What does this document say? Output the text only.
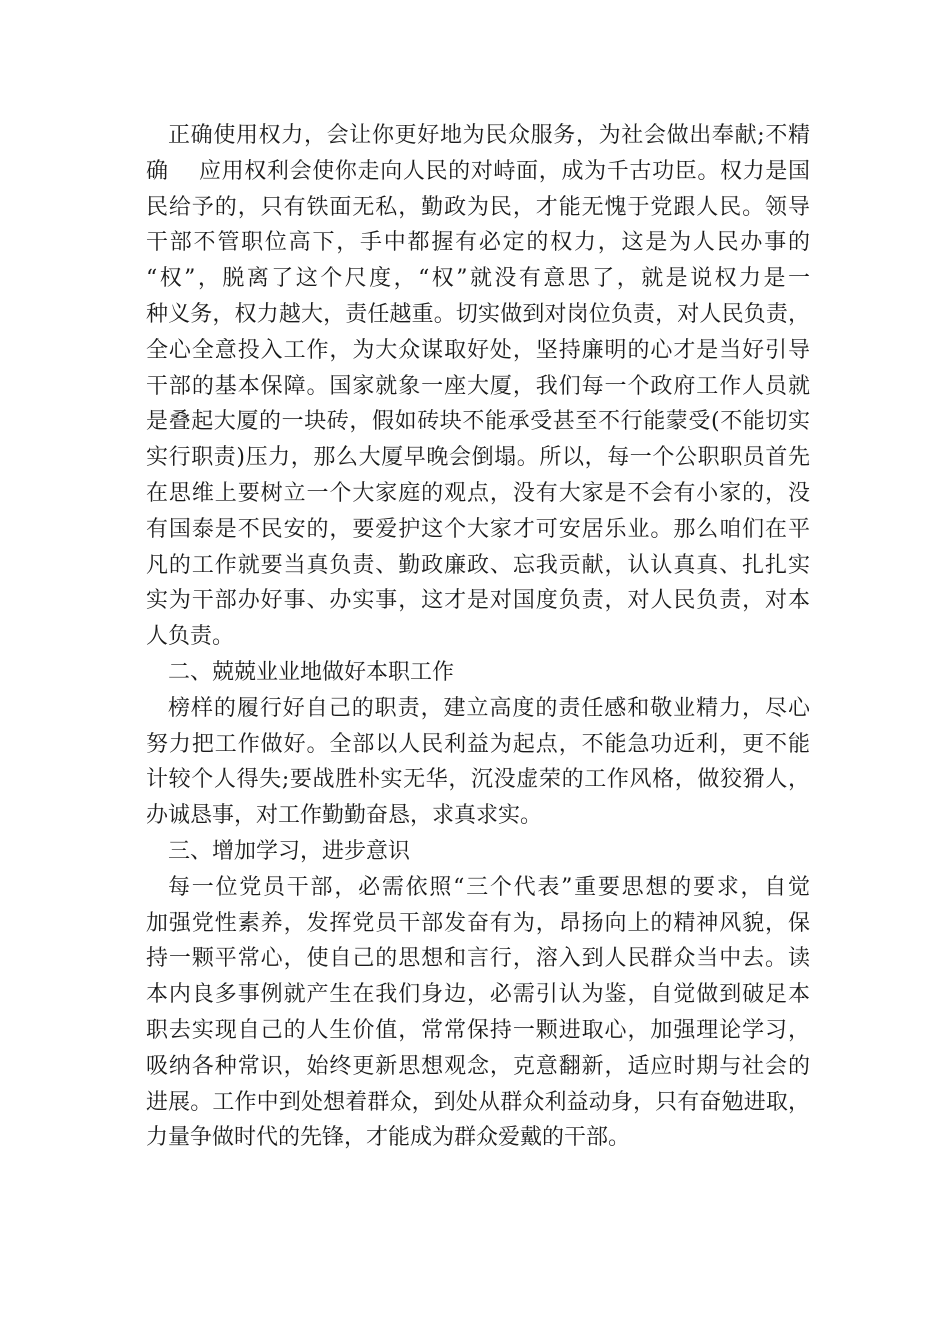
正确使用权力，会让你更好地为民众服务，为社会做出奉献;不精
确　 应用权利会使你走向人民的对峙面，成为千古功臣。权力是国
民给予的，只有铁面无私，勤政为民，才能无愧于党跟人民。领导
干部不管职位高下，手中都握有必定的权力，这是为人民办事的
“权”，脱离了这个尺度，“权”就没有意思了，就是说权力是一
种义务，权力越大，责任越重。切实做到对岗位负责，对人民负责，
全心全意投入工作，为大众谋取好处，坚持廉明的心才是当好引导
干部的基本保障。国家就象一座大厦，我们每一个政府工作人员就
是叠起大厦的一块砖，假如砖块不能承受甚至不行能蒙受(不能切实
实行职责)压力，那么大厦早晚会倒塌。所以，每一个公职职员首先
在思维上要树立一个大家庭的观点，没有大家是不会有小家的，没
有国泰是不民安的，要爱护这个大家才可安居乐业。那么咱们在平
凡的工作就要当真负责、勤政廉政、忘我贡献，认认真真、扎扎实
实为干部办好事、办实事，这才是对国度负责，对人民负责，对本
人负责。
二、兢兢业业地做好本职工作
榜样的履行好自己的职责，建立高度的责任感和敬业精力，尽心
努力把工作做好。全部以人民利益为起点，不能急功近利，更不能
计较个人得失;要战胜朴实无华，沉没虚荣的工作风格，做狡猾人，
办诚恳事，对工作勤勤奋恳，求真求实。
三、增加学习，进步意识
每一位党员干部，必需依照“三个代表”重要思想的要求，自觉
加强党性素养，发挥党员干部发奋有为，昂扬向上的精神风貌，保
持一颗平常心，使自己的思想和言行，溶入到人民群众当中去。读
本内良多事例就产生在我们身边，必需引认为鉴，自觉做到破足本
职去实现自己的人生价值，常常保持一颗进取心，加强理论学习，
吸纳各种常识，始终更新思想观念，克意翻新，适应时期与社会的
进展。工作中到处想着群众，到处从群众利益动身，只有奋勉进取，
力量争做时代的先锋，才能成为群众爱戴的干部。
